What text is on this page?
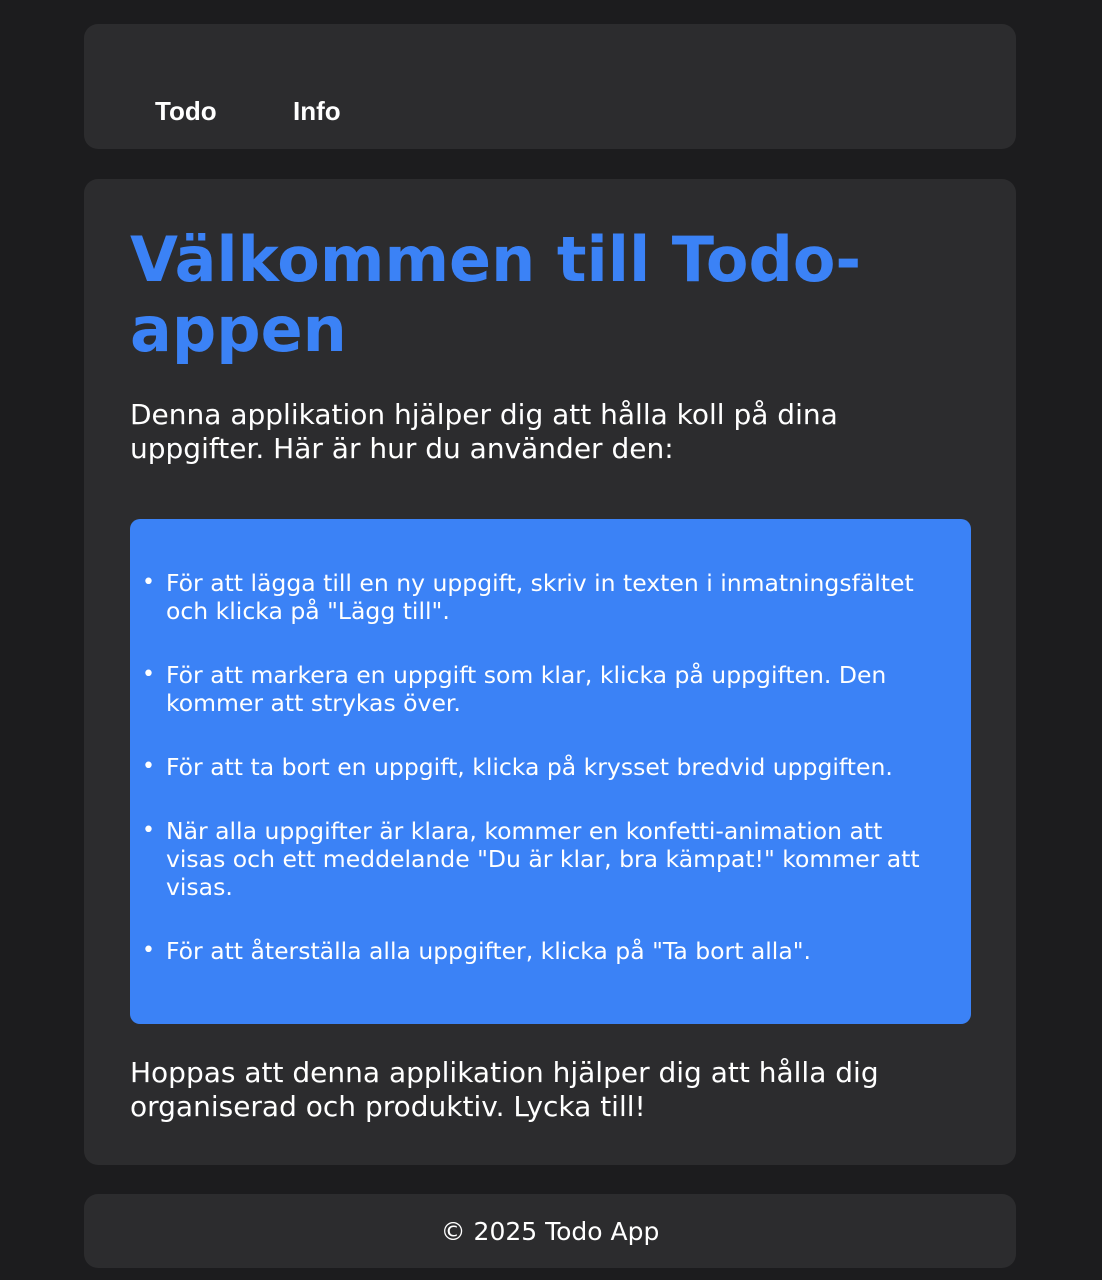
Todo	Info
Välkommen till Todo-appen

Denna applikation hjälper dig att hålla koll på dina uppgifter. Här är hur du använder den:

• För att lägga till en ny uppgift, skriv in texten i inmatningsfältet och klicka på "Lägg till".
• För att markera en uppgift som klar, klicka på uppgiften. Den kommer att strykas över.
• För att ta bort en uppgift, klicka på krysset bredvid uppgiften.
• När alla uppgifter är klara, kommer en konfetti-animation att visas och ett meddelande "Du är klar, bra kämpat!" kommer att visas.
• För att återställa alla uppgifter, klicka på "Ta bort alla".

Hoppas att denna applikation hjälper dig att hålla dig organiserad och produktiv. Lycka till!

© 2025 Todo App
